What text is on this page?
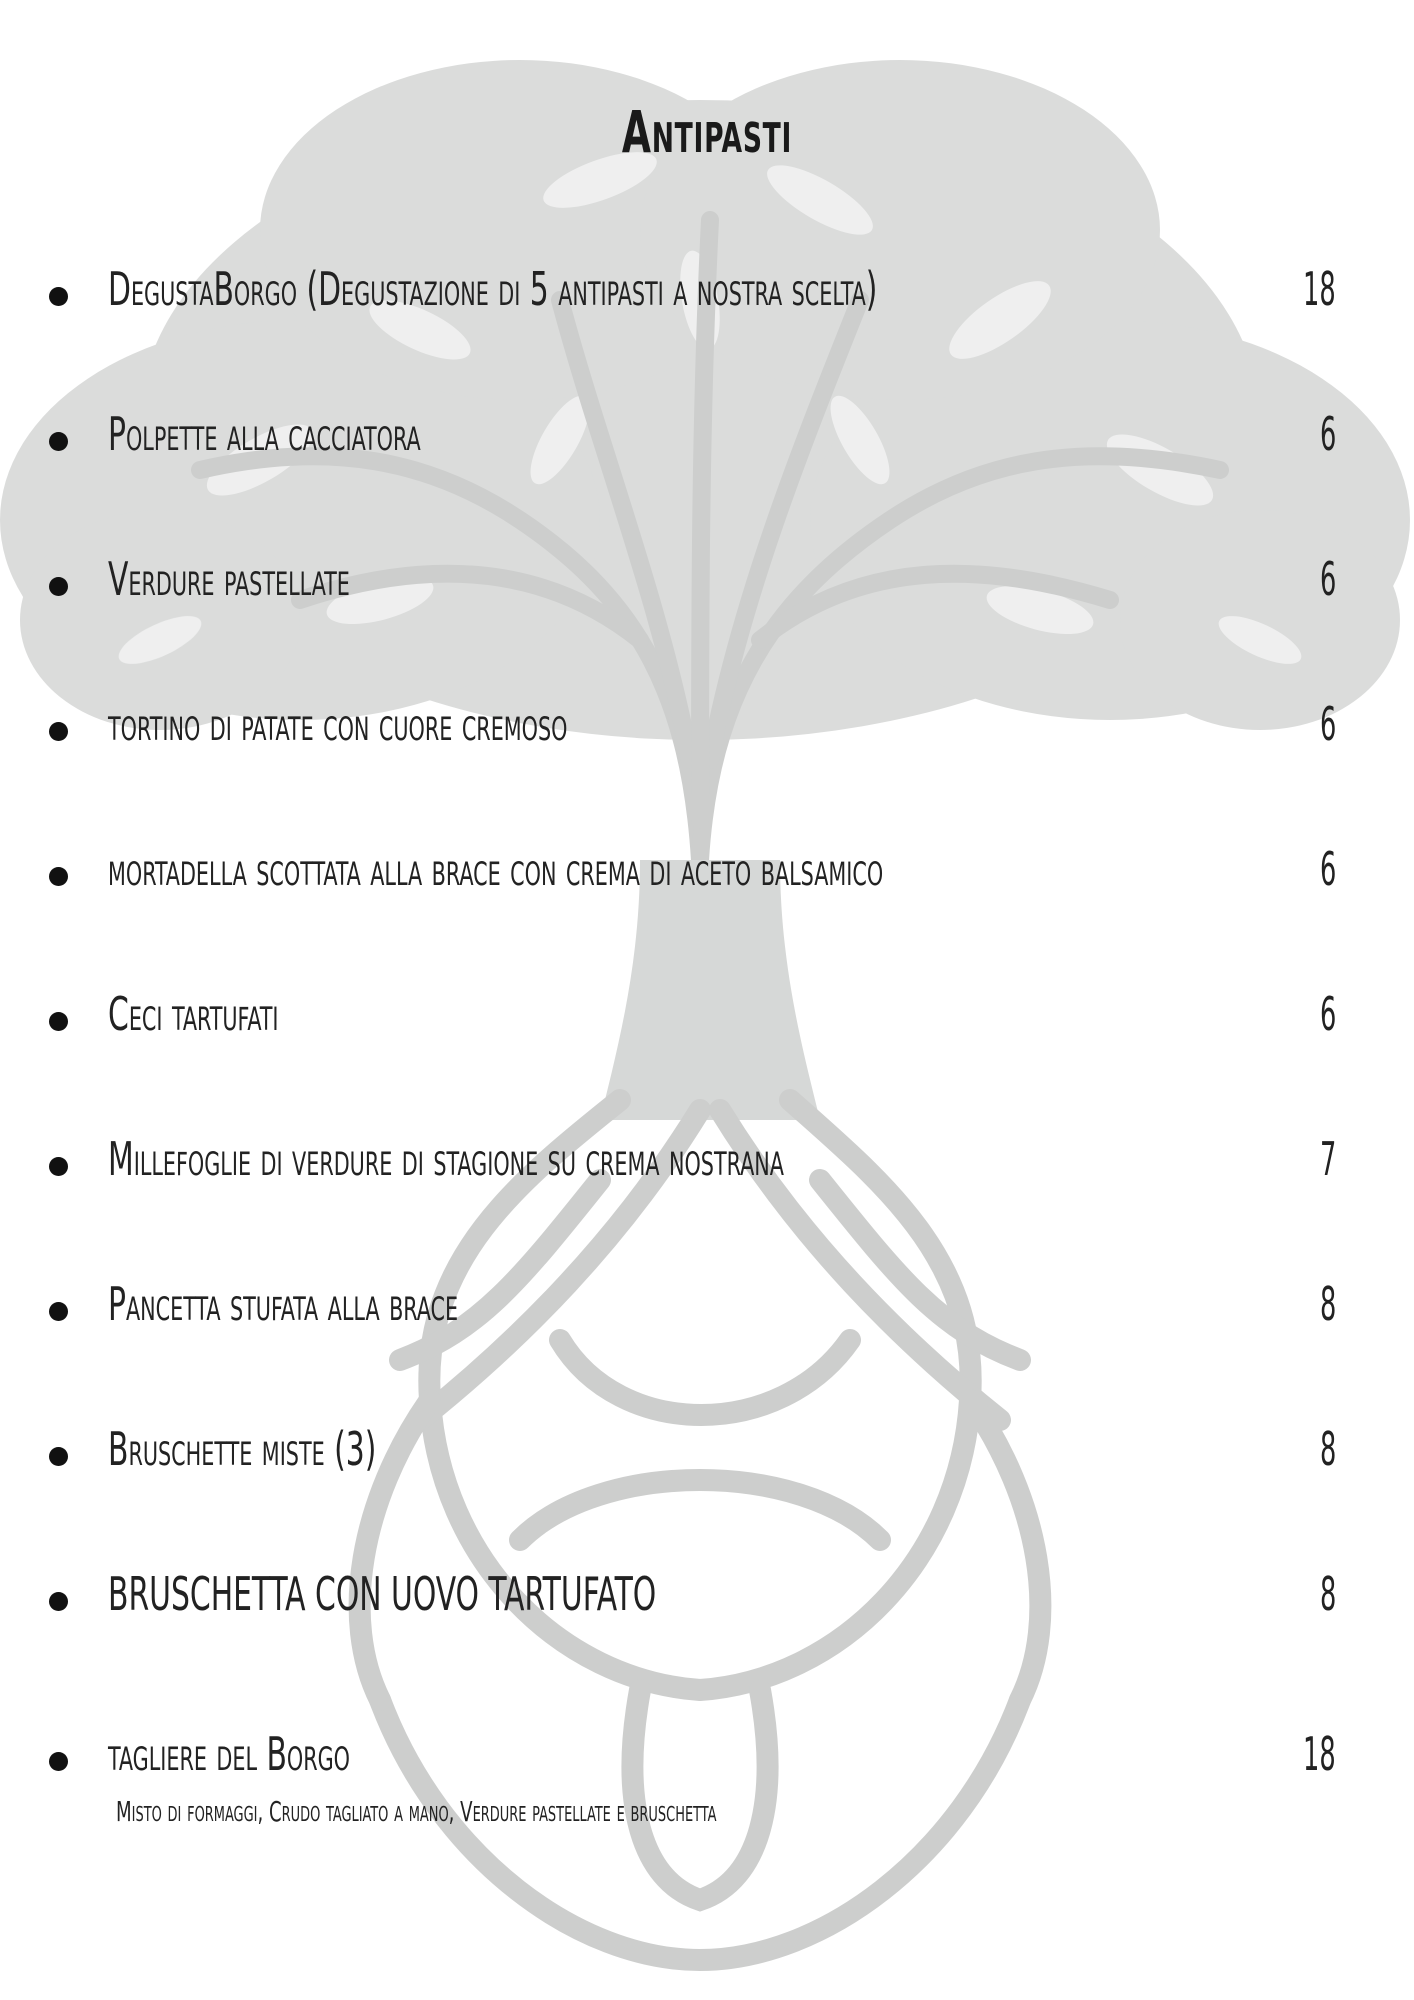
Antipasti
DegustaBorgo (Degustazione di 5 antipasti a nostra scelta)	18
Polpette alla cacciatora	6
Verdure pastellate	6
tortino di patate con cuore cremoso	6
mortadella scottata alla brace con crema di aceto balsamico	6
Ceci tartufati	6
Millefoglie di verdure di stagione su crema nostrana	7
Pancetta stufata alla brace	8
Bruschette miste (3)	8
BRUSCHETTA CON UOVO TARTUFATO	8
tagliere del Borgo	18
Misto di formaggi, Crudo tagliato a mano, Verdure pastellate e bruschetta
